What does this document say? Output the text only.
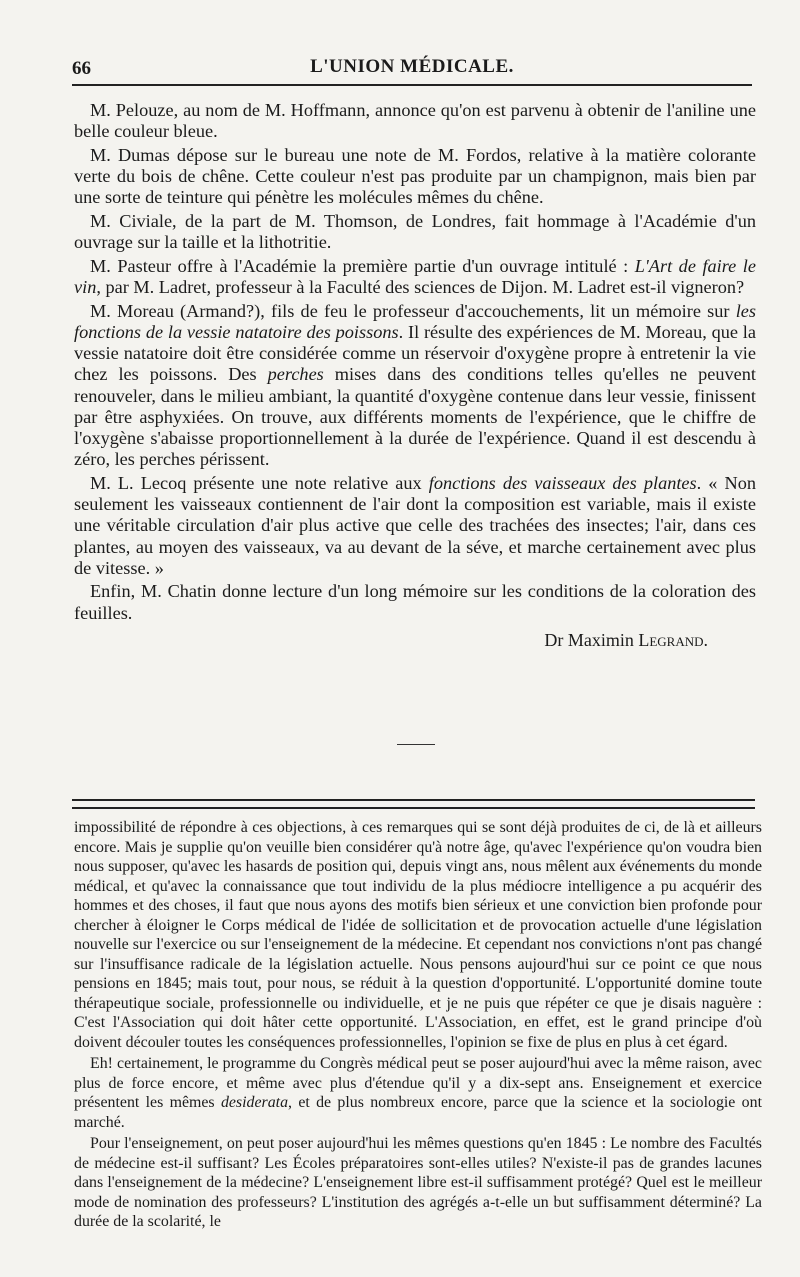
66	L'UNION MÉDICALE.

M. Pelouze, au nom de M. Hoffmann, annonce qu'on est parvenu à obtenir de l'aniline une belle couleur bleue.

M. Dumas dépose sur le bureau une note de M. Fordos, relative à la matière colorante verte du bois de chêne. Cette couleur n'est pas produite par un champignon, mais bien par une sorte de teinture qui pénètre les molécules mêmes du chêne.

M. Civiale, de la part de M. Thomson, de Londres, fait hommage à l'Académie d'un ouvrage sur la taille et la lithotritie.

M. Pasteur offre à l'Académie la première partie d'un ouvrage intitulé : L'Art de faire le vin, par M. Ladret, professeur à la Faculté des sciences de Dijon. M. Ladret est-il vigneron?

M. Moreau (Armand?), fils de feu le professeur d'accouchements, lit un mémoire sur les fonctions de la vessie natatoire des poissons. Il résulte des expériences de M. Moreau, que la vessie natatoire doit être considérée comme un réservoir d'oxygène propre à entretenir la vie chez les poissons. Des perches mises dans des conditions telles qu'elles ne peuvent renouveler, dans le milieu ambiant, la quantité d'oxygène contenue dans leur vessie, finissent par être asphyxiées. On trouve, aux différents moments de l'expérience, que le chiffre de l'oxygène s'abaisse proportionnellement à la durée de l'expérience. Quand il est descendu à zéro, les perches périssent.

M. L. Lecoq présente une note relative aux fonctions des vaisseaux des plantes. « Non seulement les vaisseaux contiennent de l'air dont la composition est variable, mais il existe une véritable circulation d'air plus active que celle des trachées des insectes; l'air, dans ces plantes, au moyen des vaisseaux, va au devant de la séve, et marche certainement avec plus de vitesse. »

Enfin, M. Chatin donne lecture d'un long mémoire sur les conditions de la coloration des feuilles.

Dr Maximin Legrand.

impossibilité de répondre à ces objections, à ces remarques qui se sont déjà produites de ci, de là et ailleurs encore. Mais je supplie qu'on veuille bien considérer qu'à notre âge, qu'avec l'expérience qu'on voudra bien nous supposer, qu'avec les hasards de position qui, depuis vingt ans, nous mêlent aux événements du monde médical, et qu'avec la connaissance que tout individu de la plus médiocre intelligence a pu acquérir des hommes et des choses, il faut que nous ayons des motifs bien sérieux et une conviction bien profonde pour chercher à éloigner le Corps médical de l'idée de sollicitation et de provocation actuelle d'une législation nouvelle sur l'exercice ou sur l'enseignement de la médecine. Et cependant nos convictions n'ont pas changé sur l'insuffisance radicale de la législation actuelle. Nous pensons aujourd'hui sur ce point ce que nous pensions en 1845; mais tout, pour nous, se réduit à la question d'opportunité. L'opportunité domine toute thérapeutique sociale, professionnelle ou individuelle, et je ne puis que répéter ce que je disais naguère : C'est l'Association qui doit hâter cette opportunité. L'Association, en effet, est le grand principe d'où doivent découler toutes les conséquences professionnelles, l'opinion se fixe de plus en plus à cet égard.

Eh! certainement, le programme du Congrès médical peut se poser aujourd'hui avec la même raison, avec plus de force encore, et même avec plus d'étendue qu'il y a dix-sept ans. Enseignement et exercice présentent les mêmes desiderata, et de plus nombreux encore, parce que la science et la sociologie ont marché.

Pour l'enseignement, on peut poser aujourd'hui les mêmes questions qu'en 1845 : Le nombre des Facultés de médecine est-il suffisant? Les Écoles préparatoires sont-elles utiles? N'existe-il pas de grandes lacunes dans l'enseignement de la médecine? L'enseignement libre est-il suffisamment protégé? Quel est le meilleur mode de nomination des professeurs? L'institution des agrégés a-t-elle un but suffisamment déterminé? La durée de la scolarité, le
